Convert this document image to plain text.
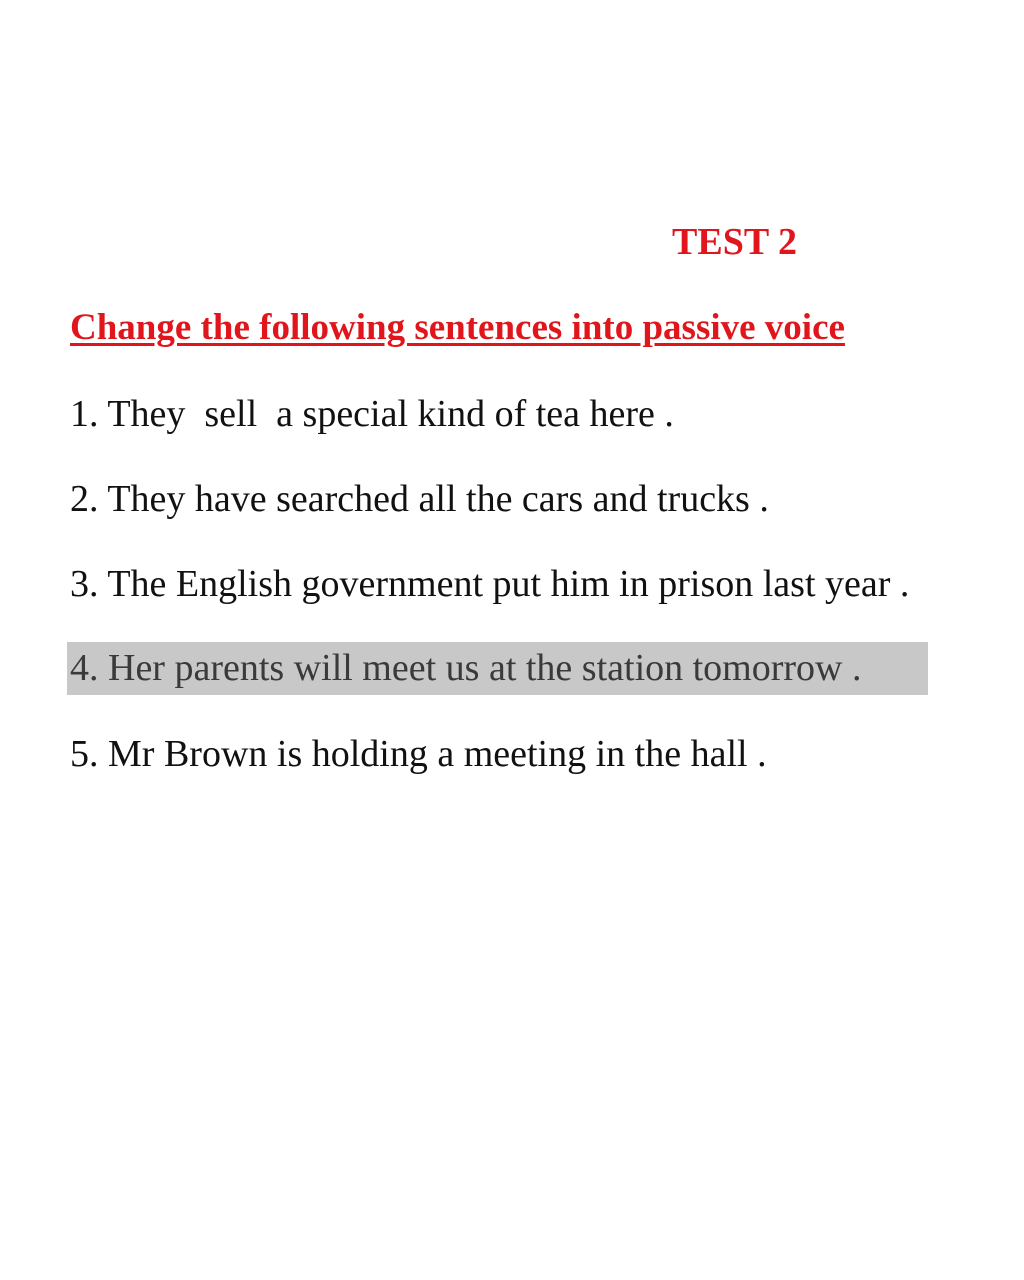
TEST 2
Change the following sentences into passive voice
1. They  sell  a special kind of tea here .
2. They have searched all the cars and trucks .
3. The English government put him in prison last year .
4. Her parents will meet us at the station tomorrow .
5. Mr Brown is holding a meeting in the hall .
